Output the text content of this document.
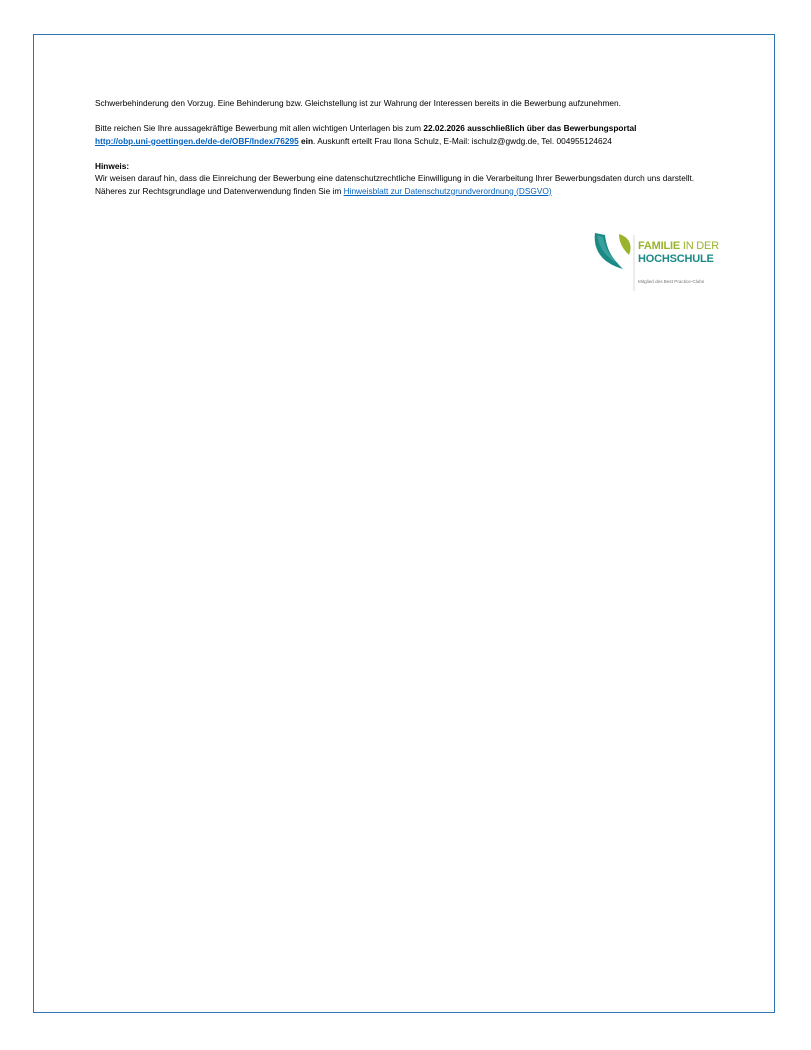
Schwerbehinderung den Vorzug. Eine Behinderung bzw. Gleichstellung ist zur Wahrung der Interessen bereits in die Bewerbung aufzunehmen.

Bitte reichen Sie Ihre aussagekräftige Bewerbung mit allen wichtigen Unterlagen bis zum 22.02.2026 ausschließlich über das Bewerbungsportal
http://obp.uni-goettingen.de/de-de/OBF/Index/76295 ein. Auskunft erteilt Frau Ilona Schulz, E-Mail: ischulz@gwdg.de, Tel. 004955124624

Hinweis:

Wir weisen darauf hin, dass die Einreichung der Bewerbung eine datenschutzrechtliche Einwilligung in die Verarbeitung Ihrer Bewerbungsdaten durch uns darstellt. Näheres zur Rechtsgrundlage und Datenverwendung finden Sie im Hinweisblatt zur Datenschutzgrundverordnung (DSGVO)

FAMILIE IN DER
HOCHSCHULE
Mitglied des Best Practice-Clubs
